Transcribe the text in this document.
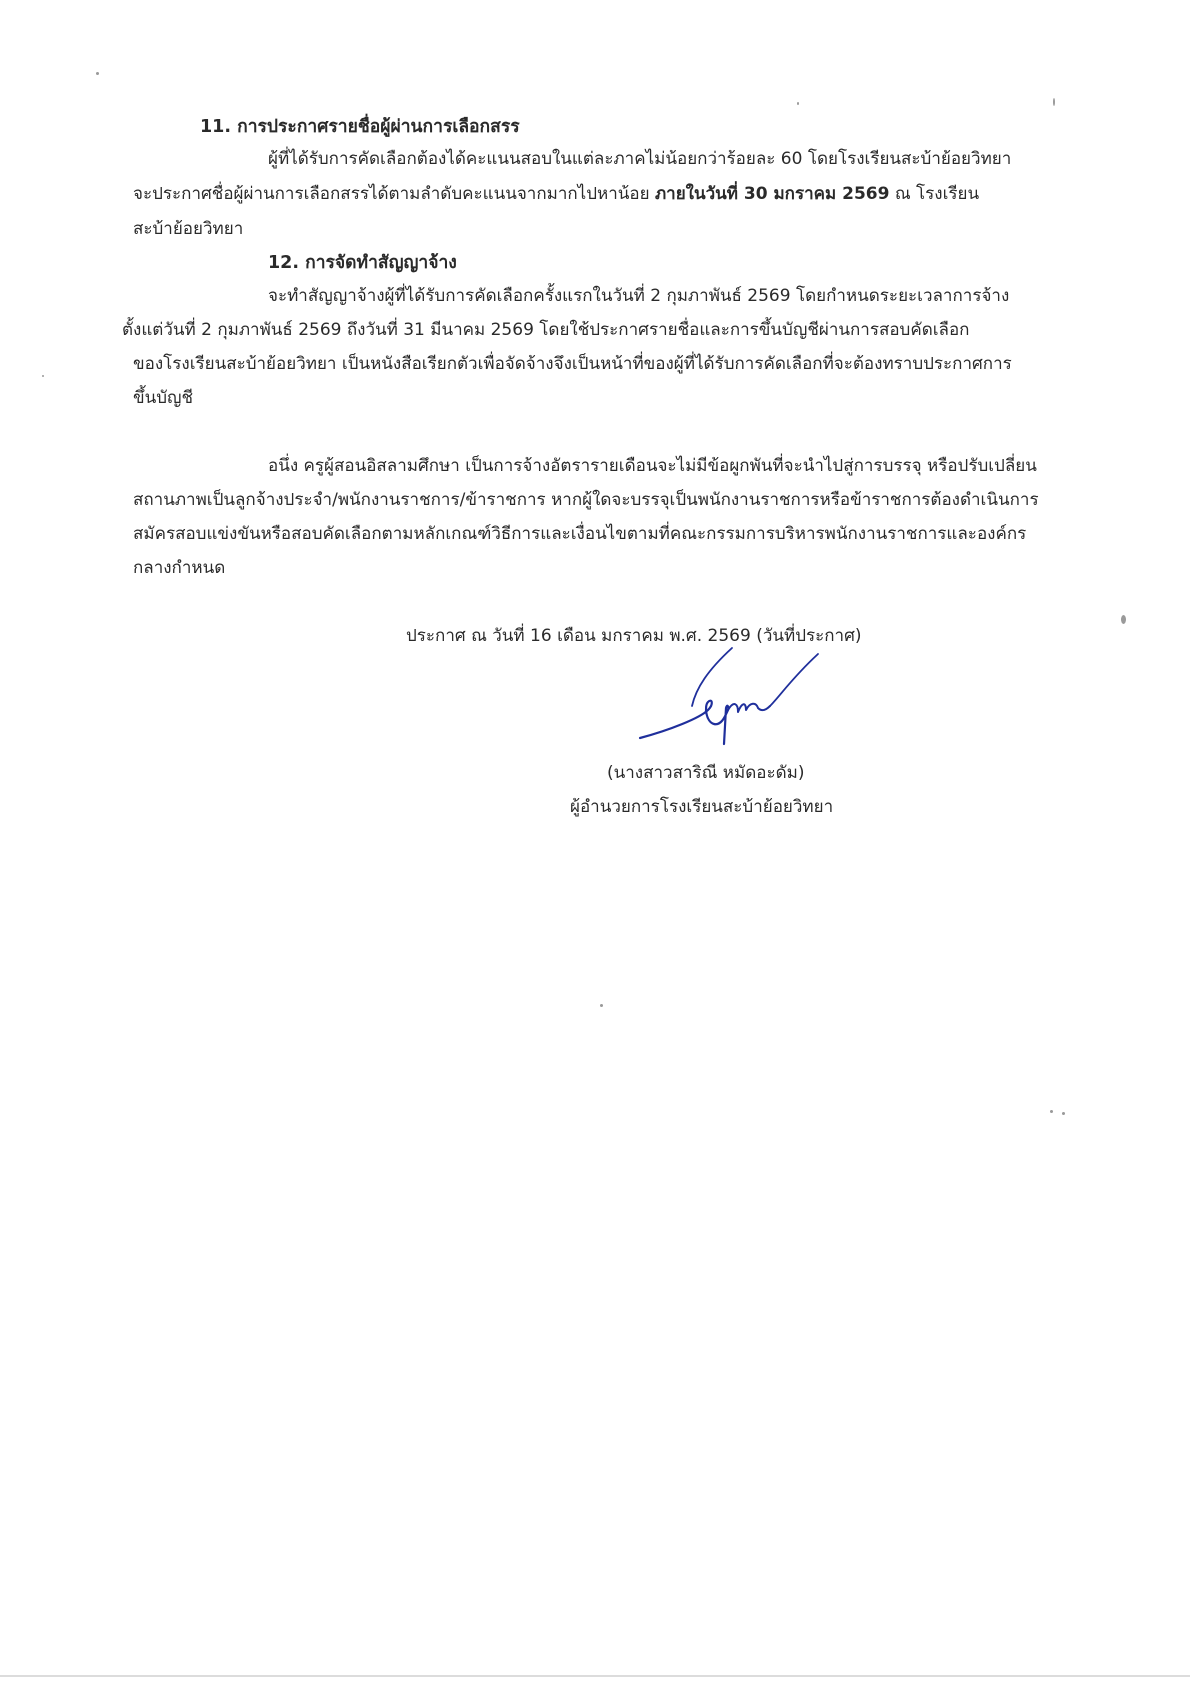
11. การประกาศรายชื่อผู้ผ่านการเลือกสรร
ผู้ที่ได้รับการคัดเลือกต้องได้คะแนนสอบในแต่ละภาคไม่น้อยกว่าร้อยละ 60 โดยโรงเรียนสะบ้าย้อยวิทยา
จะประกาศชื่อผู้ผ่านการเลือกสรรได้ตามลำดับคะแนนจากมากไปหาน้อย ภายในวันที่ 30 มกราคม 2569 ณ โรงเรียน
สะบ้าย้อยวิทยา
12. การจัดทำสัญญาจ้าง
จะทำสัญญาจ้างผู้ที่ได้รับการคัดเลือกครั้งแรกในวันที่ 2 กุมภาพันธ์ 2569 โดยกำหนดระยะเวลาการจ้าง
ตั้งแต่วันที่ 2 กุมภาพันธ์ 2569 ถึงวันที่ 31 มีนาคม 2569 โดยใช้ประกาศรายชื่อและการขึ้นบัญชีผ่านการสอบคัดเลือก
ของโรงเรียนสะบ้าย้อยวิทยา เป็นหนังสือเรียกตัวเพื่อจัดจ้างจึงเป็นหน้าที่ของผู้ที่ได้รับการคัดเลือกที่จะต้องทราบประกาศการ
ขึ้นบัญชี
อนึ่ง ครูผู้สอนอิสลามศึกษา เป็นการจ้างอัตรารายเดือนจะไม่มีข้อผูกพันที่จะนำไปสู่การบรรจุ หรือปรับเปลี่ยน
สถานภาพเป็นลูกจ้างประจำ/พนักงานราชการ/ข้าราชการ หากผู้ใดจะบรรจุเป็นพนักงานราชการหรือข้าราชการต้องดำเนินการ
สมัครสอบแข่งขันหรือสอบคัดเลือกตามหลักเกณฑ์วิธีการและเงื่อนไขตามที่คณะกรรมการบริหารพนักงานราชการและองค์กร
กลางกำหนด
ประกาศ ณ วันที่ 16 เดือน มกราคม พ.ศ. 2569 (วันที่ประกาศ)
(นางสาวสาริณี หมัดอะดัม)
ผู้อำนวยการโรงเรียนสะบ้าย้อยวิทยา
